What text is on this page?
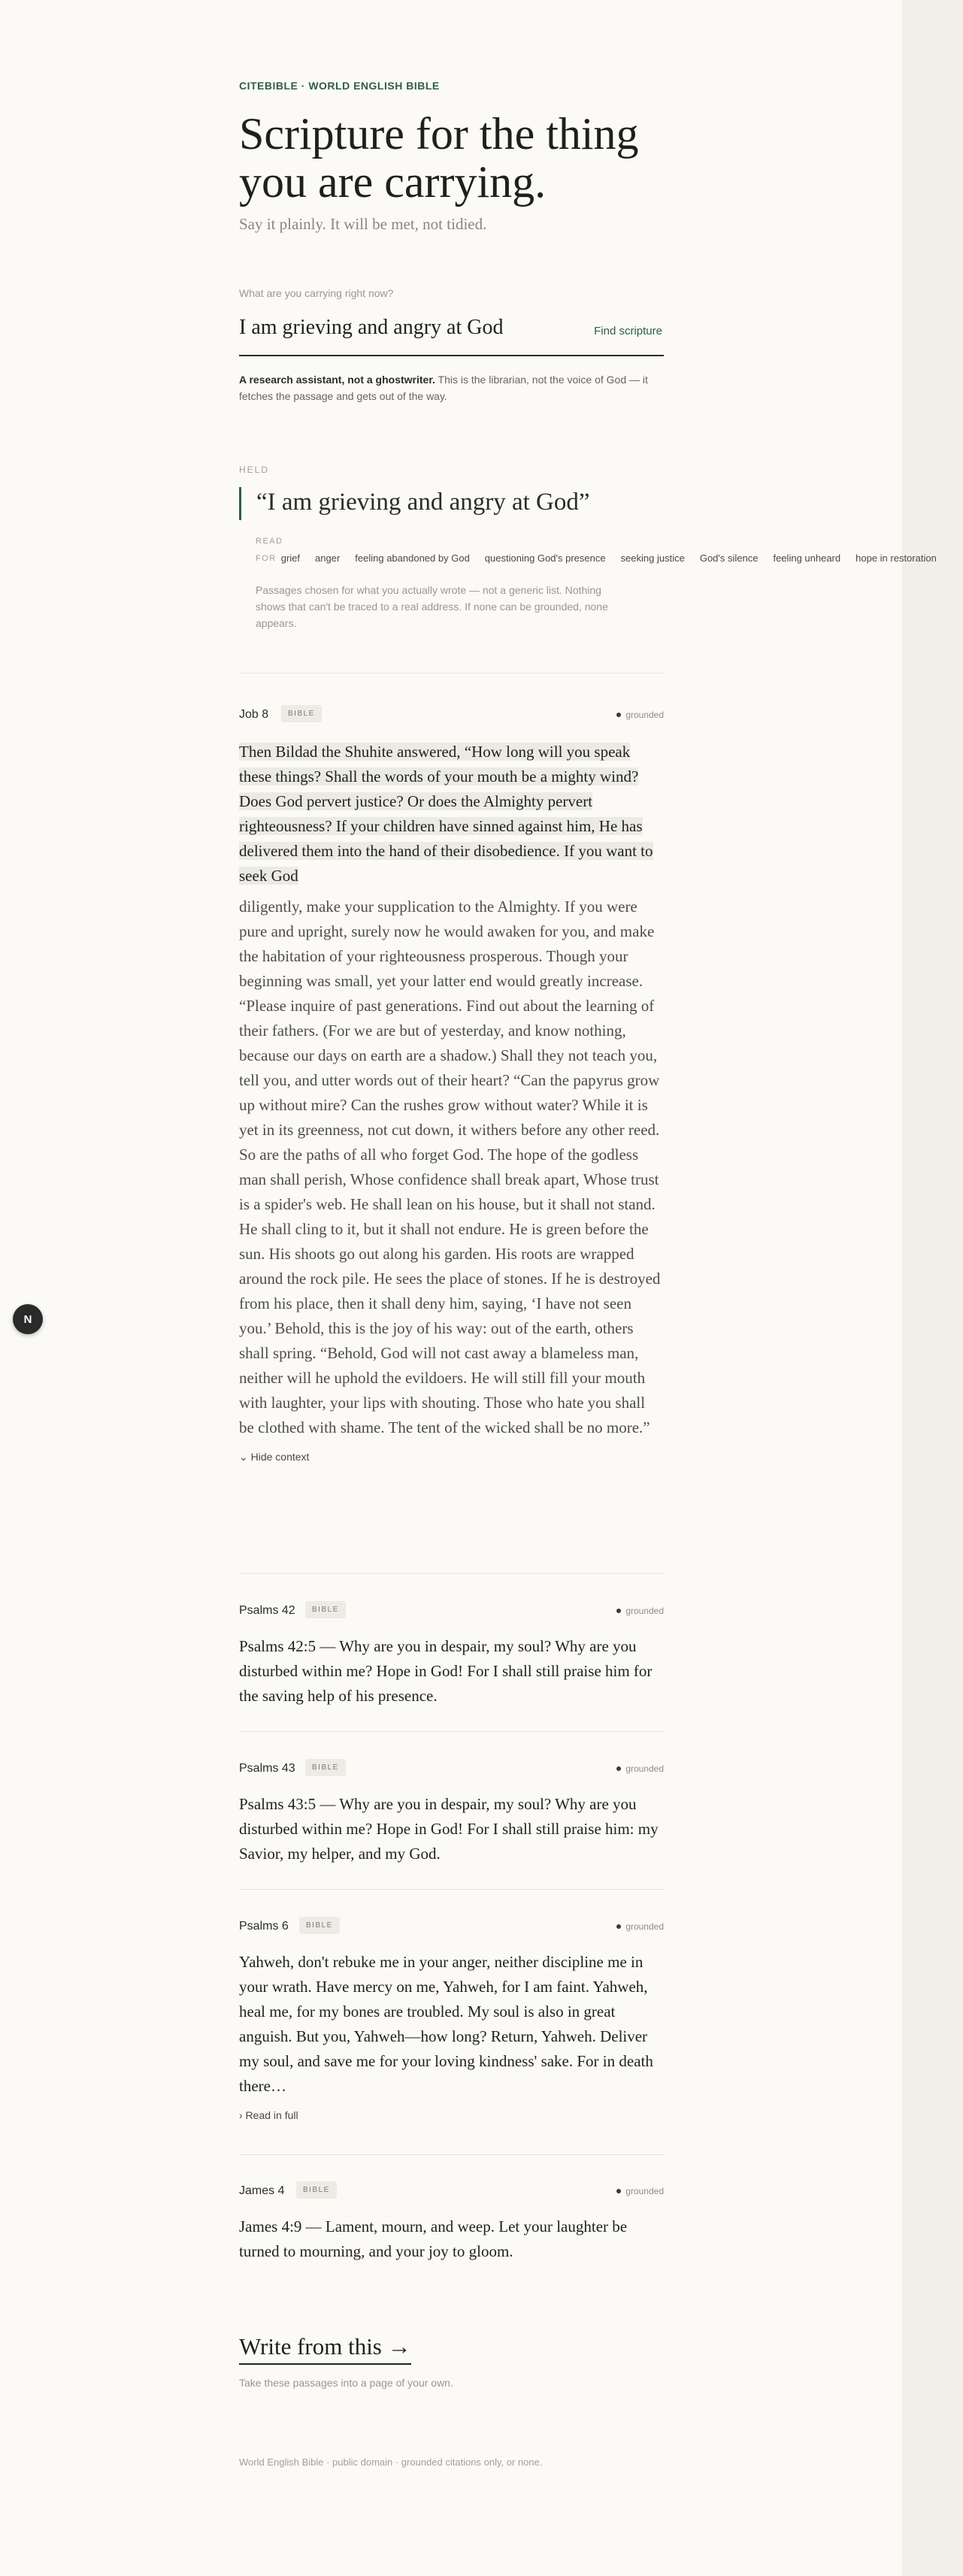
CITEBIBLE · WORLD ENGLISH BIBLE
Scripture for the thing you are carrying.
Say it plainly. It will be met, not tidied.
What are you carrying right now?
I am grieving and angry at God
Find scripture
A research assistant, not a ghostwriter. This is the librarian, not the voice of God — it fetches the passage and gets out of the way.
HELD
“I am grieving and angry at God”
READ
FOR grief anger feeling abandoned by God questioning God's presence seeking justice God's silence feeling unheard hope in restoration
Passages chosen for what you actually wrote — not a generic list. Nothing shows that can't be traced to a real address. If none can be grounded, none appears.
Job 8	BIBLE	grounded
Then Bildad the Shuhite answered, “How long will you speak these things? Shall the words of your mouth be a mighty wind? Does God pervert justice? Or does the Almighty pervert righteousness? If your children have sinned against him, He has delivered them into the hand of their disobedience. If you want to seek God
diligently, make your supplication to the Almighty. If you were pure and upright, surely now he would awaken for you, and make the habitation of your righteousness prosperous. Though your beginning was small, yet your latter end would greatly increase. “Please inquire of past generations. Find out about the learning of their fathers. (For we are but of yesterday, and know nothing, because our days on earth are a shadow.) Shall they not teach you, tell you, and utter words out of their heart? “Can the papyrus grow up without mire? Can the rushes grow without water? While it is yet in its greenness, not cut down, it withers before any other reed. So are the paths of all who forget God. The hope of the godless man shall perish, Whose confidence shall break apart, Whose trust is a spider's web. He shall lean on his house, but it shall not stand. He shall cling to it, but it shall not endure. He is green before the sun. His shoots go out along his garden. His roots are wrapped around the rock pile. He sees the place of stones. If he is destroyed from his place, then it shall deny him, saying, ‘I have not seen you.’ Behold, this is the joy of his way: out of the earth, others shall spring. “Behold, God will not cast away a blameless man, neither will he uphold the evildoers. He will still fill your mouth with laughter, your lips with shouting. Those who hate you shall be clothed with shame. The tent of the wicked shall be no more.”
⌄ Hide context
Psalms 42	BIBLE	grounded
Psalms 42:5 — Why are you in despair, my soul? Why are you disturbed within me? Hope in God! For I shall still praise him for the saving help of his presence.
Psalms 43	BIBLE	grounded
Psalms 43:5 — Why are you in despair, my soul? Why are you disturbed within me? Hope in God! For I shall still praise him: my Savior, my helper, and my God.
Psalms 6	BIBLE	grounded
Yahweh, don't rebuke me in your anger, neither discipline me in your wrath. Have mercy on me, Yahweh, for I am faint. Yahweh, heal me, for my bones are troubled. My soul is also in great anguish. But you, Yahweh—how long? Return, Yahweh. Deliver my soul, and save me for your loving kindness' sake. For in death there…
› Read in full
James 4	BIBLE	grounded
James 4:9 — Lament, mourn, and weep. Let your laughter be turned to mourning, and your joy to gloom.
Write from this →
Take these passages into a page of your own.
World English Bible · public domain · grounded citations only, or none.
N
